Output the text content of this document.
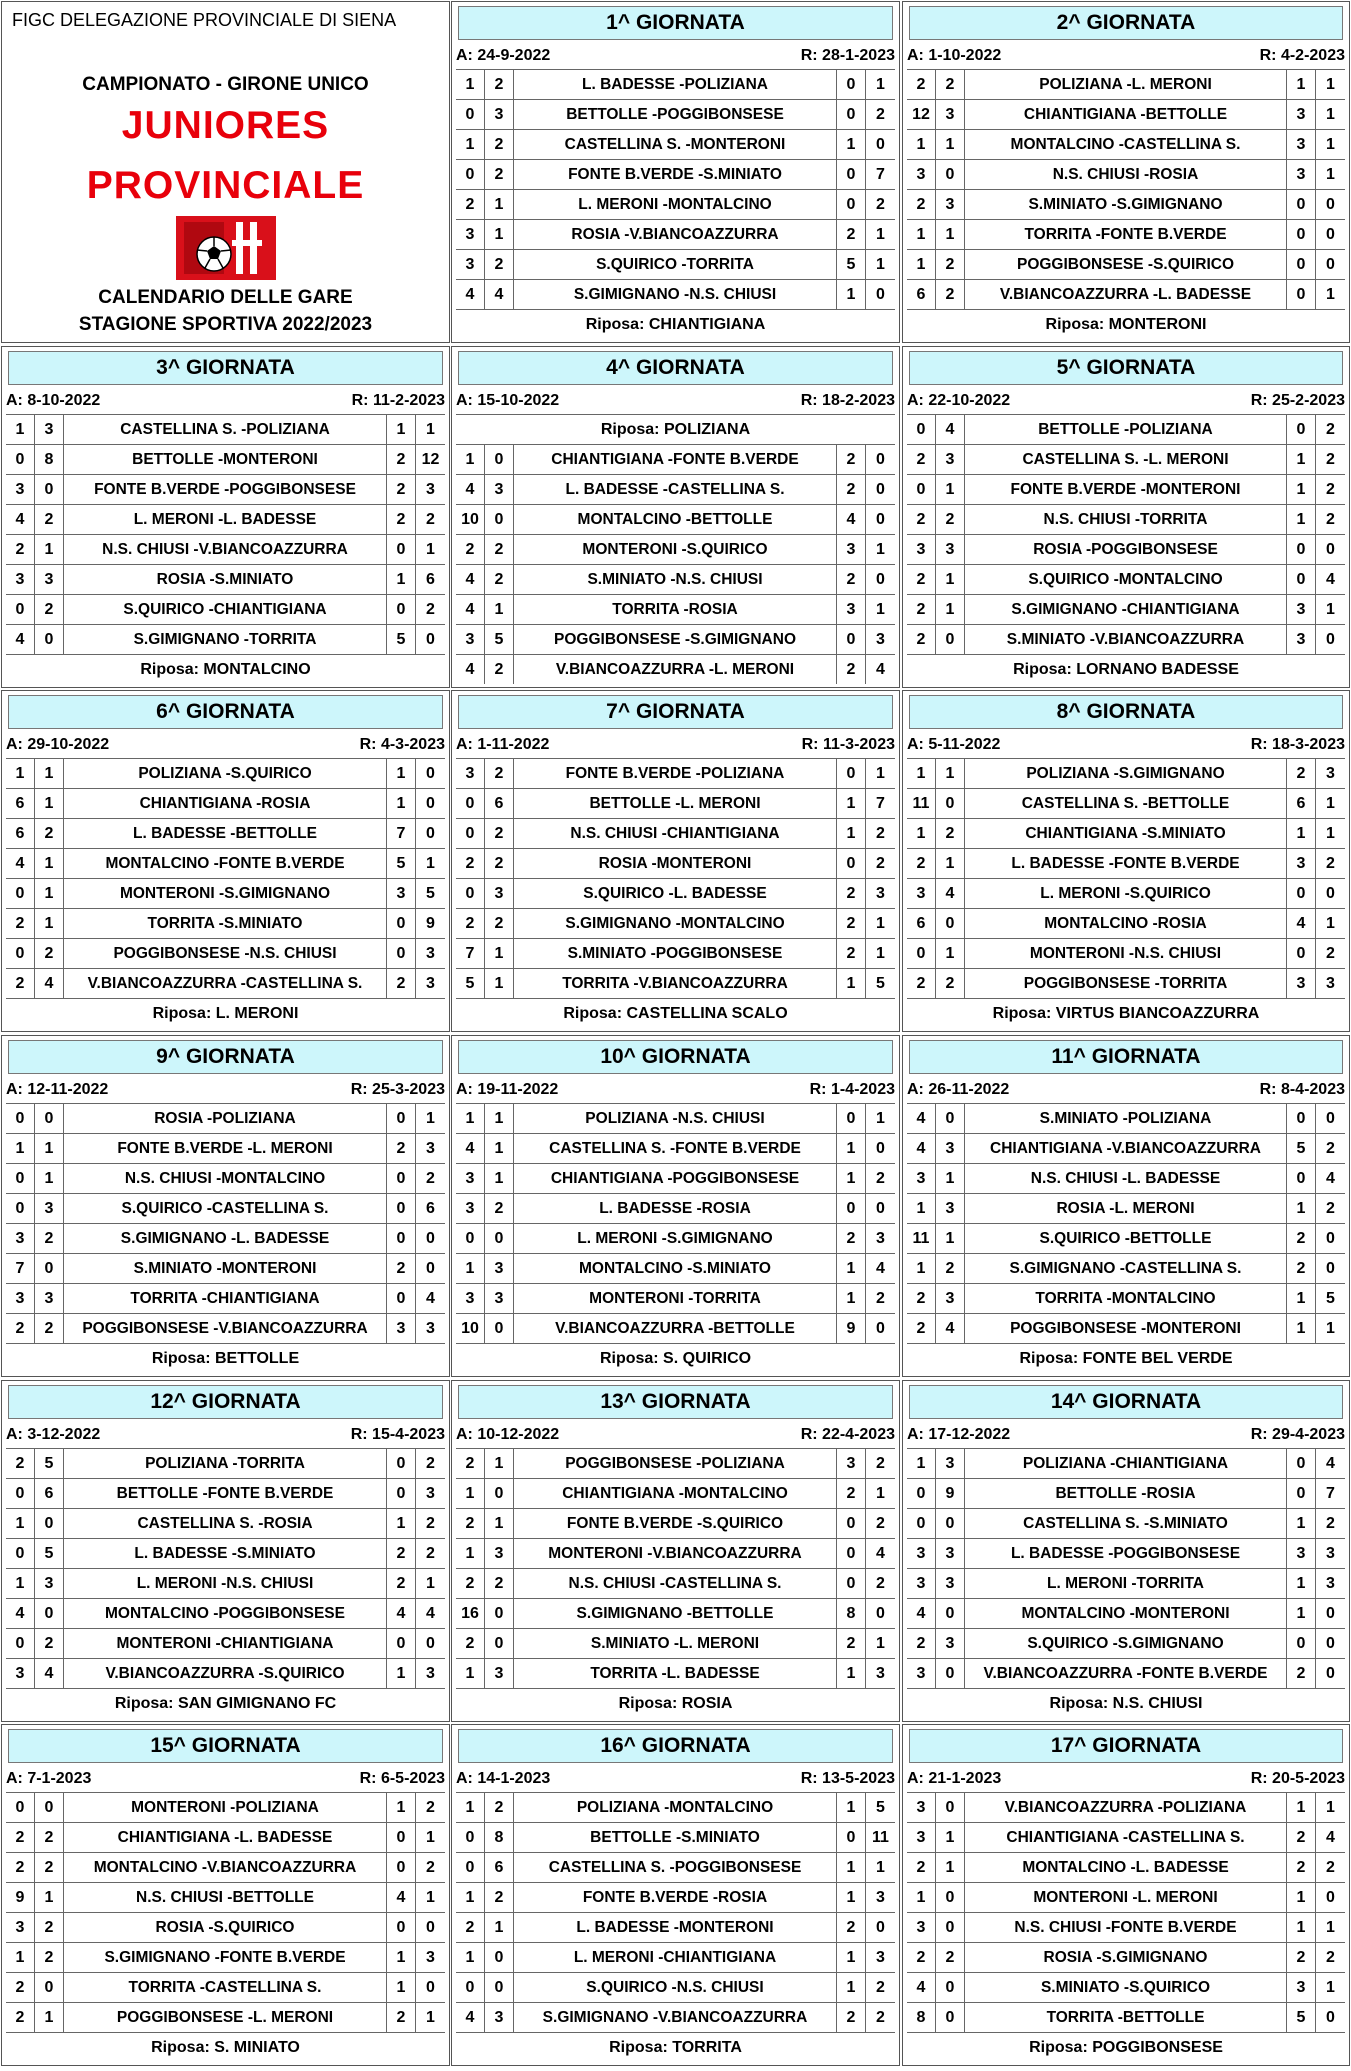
FIGC DELEGAZIONE PROVINCIALE DI SIENA
CAMPIONATO - GIRONE UNICO
JUNIORES
PROVINCIALE
CALENDARIO DELLE GARE
STAGIONE SPORTIVA 2022/2023
1^ GIORNATA
A: 24-9-2022	R: 28-1-2023
1	2	L. BADESSE -POLIZIANA	0	1
0	3	BETTOLLE -POGGIBONSESE	0	2
1	2	CASTELLINA S. -MONTERONI	1	0
0	2	FONTE B.VERDE -S.MINIATO	0	7
2	1	L. MERONI -MONTALCINO	0	2
3	1	ROSIA -V.BIANCOAZZURRA	2	1
3	2	S.QUIRICO -TORRITA	5	1
4	4	S.GIMIGNANO -N.S. CHIUSI	1	0
Riposa: CHIANTIGIANA
2^ GIORNATA
A: 1-10-2022	R: 4-2-2023
2	2	POLIZIANA -L. MERONI	1	1
12 3	CHIANTIGIANA -BETTOLLE	3	1
1	1	MONTALCINO -CASTELLINA S.	3	1
3	0	N.S. CHIUSI -ROSIA	3	1
2	3	S.MINIATO -S.GIMIGNANO	0	0
1	1	TORRITA -FONTE B.VERDE	0	0
1	2	POGGIBONSESE -S.QUIRICO	0	0
6	2	V.BIANCOAZZURRA -L. BADESSE	0	1
Riposa: MONTERONI
3^ GIORNATA
A: 8-10-2022	R: 11-2-2023
1	3	CASTELLINA S. -POLIZIANA	1	1
0	8	BETTOLLE -MONTERONI	2	12
3	0	FONTE B.VERDE -POGGIBONSESE	2	3
4	2	L. MERONI -L. BADESSE	2	2
2	1	N.S. CHIUSI -V.BIANCOAZZURRA	0	1
3	3	ROSIA -S.MINIATO	1	6
0	2	S.QUIRICO -CHIANTIGIANA	0	2
4	0	S.GIMIGNANO -TORRITA	5	0
Riposa: MONTALCINO
4^ GIORNATA
A: 15-10-2022	R: 18-2-2023
Riposa: POLIZIANA
1	0	CHIANTIGIANA -FONTE B.VERDE	2	0
4	3	L. BADESSE -CASTELLINA S.	2	0
10 0	MONTALCINO -BETTOLLE	4	0
2	2	MONTERONI -S.QUIRICO	3	1
4	2	S.MINIATO -N.S. CHIUSI	2	0
4	1	TORRITA -ROSIA	3	1
3	5	POGGIBONSESE -S.GIMIGNANO	0	3
4	2	V.BIANCOAZZURRA -L. MERONI	2	4
5^ GIORNATA
A: 22-10-2022	R: 25-2-2023
0	4	BETTOLLE -POLIZIANA	0	2
2	3	CASTELLINA S. -L. MERONI	1	2
0	1	FONTE B.VERDE -MONTERONI	1	2
2	2	N.S. CHIUSI -TORRITA	1	2
3	3	ROSIA -POGGIBONSESE	0	0
2	1	S.QUIRICO -MONTALCINO	0	4
2	1	S.GIMIGNANO -CHIANTIGIANA	3	1
2	0	S.MINIATO -V.BIANCOAZZURRA	3	0
Riposa: LORNANO BADESSE
6^ GIORNATA
A: 29-10-2022	R: 4-3-2023
1	1	POLIZIANA -S.QUIRICO	1	0
6	1	CHIANTIGIANA -ROSIA	1	0
6	2	L. BADESSE -BETTOLLE	7	0
4	1	MONTALCINO -FONTE B.VERDE	5	1
0	1	MONTERONI -S.GIMIGNANO	3	5
2	1	TORRITA -S.MINIATO	0	9
0	2	POGGIBONSESE -N.S. CHIUSI	0	3
2	4	V.BIANCOAZZURRA -CASTELLINA S.	2	3
Riposa: L. MERONI
7^ GIORNATA
A: 1-11-2022	R: 11-3-2023
3	2	FONTE B.VERDE -POLIZIANA	0	1
0	6	BETTOLLE -L. MERONI	1	7
0	2	N.S. CHIUSI -CHIANTIGIANA	1	2
2	2	ROSIA -MONTERONI	0	2
0	3	S.QUIRICO -L. BADESSE	2	3
2	2	S.GIMIGNANO -MONTALCINO	2	1
7	1	S.MINIATO -POGGIBONSESE	2	1
5	1	TORRITA -V.BIANCOAZZURRA	1	5
Riposa: CASTELLINA SCALO
8^ GIORNATA
A: 5-11-2022	R: 18-3-2023
1	1	POLIZIANA -S.GIMIGNANO	2	3
11	0	CASTELLINA S. -BETTOLLE	6	1
1	2	CHIANTIGIANA -S.MINIATO	1	1
2	1	L. BADESSE -FONTE B.VERDE	3	2
3	4	L. MERONI -S.QUIRICO	0	0
6	0	MONTALCINO -ROSIA	4	1
0	1	MONTERONI -N.S. CHIUSI	0	2
2	2	POGGIBONSESE -TORRITA	3	3
Riposa: VIRTUS BIANCOAZZURRA
9^ GIORNATA
A: 12-11-2022	R: 25-3-2023
0	0	ROSIA -POLIZIANA	0	1
1	1	FONTE B.VERDE -L. MERONI	2	3
0	1	N.S. CHIUSI -MONTALCINO	0	2
0	3	S.QUIRICO -CASTELLINA S.	0	6
3	2	S.GIMIGNANO -L. BADESSE	0	0
7	0	S.MINIATO -MONTERONI	2	0
3	3	TORRITA -CHIANTIGIANA	0	4
2	2	POGGIBONSESE -V.BIANCOAZZURRA	3	3
Riposa: BETTOLLE
10^ GIORNATA
A: 19-11-2022	R: 1-4-2023
1	1	POLIZIANA -N.S. CHIUSI	0	1
4	1	CASTELLINA S. -FONTE B.VERDE	1	0
3	1	CHIANTIGIANA -POGGIBONSESE	1	2
3	2	L. BADESSE -ROSIA	0	0
0	0	L. MERONI -S.GIMIGNANO	2	3
1	3	MONTALCINO -S.MINIATO	1	4
3	3	MONTERONI -TORRITA	1	2
10 0	V.BIANCOAZZURRA -BETTOLLE	9	0
Riposa: S. QUIRICO
11^ GIORNATA
A: 26-11-2022	R: 8-4-2023
4	0	S.MINIATO -POLIZIANA	0	0
4	3	CHIANTIGIANA -V.BIANCOAZZURRA	5	2
3	1	N.S. CHIUSI -L. BADESSE	0	4
1	3	ROSIA -L. MERONI	1	2
11	1	S.QUIRICO -BETTOLLE	2	0
1	2	S.GIMIGNANO -CASTELLINA S.	2	0
2	3	TORRITA -MONTALCINO	1	5
2	4	POGGIBONSESE -MONTERONI	1	1
Riposa: FONTE BEL VERDE
12^ GIORNATA
A: 3-12-2022	R: 15-4-2023
2	5	POLIZIANA -TORRITA	0	2
0	6	BETTOLLE -FONTE B.VERDE	0	3
1	0	CASTELLINA S. -ROSIA	1	2
0	5	L. BADESSE -S.MINIATO	2	2
1	3	L. MERONI -N.S. CHIUSI	2	1
4	0	MONTALCINO -POGGIBONSESE	4	4
0	2	MONTERONI -CHIANTIGIANA	0	0
3	4	V.BIANCOAZZURRA -S.QUIRICO	1	3
Riposa: SAN GIMIGNANO FC
13^ GIORNATA
A: 10-12-2022	R: 22-4-2023
2	1	POGGIBONSESE -POLIZIANA	3	2
1	0	CHIANTIGIANA -MONTALCINO	2	1
2	1	FONTE B.VERDE -S.QUIRICO	0	2
1	3	MONTERONI -V.BIANCOAZZURRA	0	4
2	2	N.S. CHIUSI -CASTELLINA S.	0	2
16 0	S.GIMIGNANO -BETTOLLE	8	0
2	0	S.MINIATO -L. MERONI	2	1
1	3	TORRITA -L. BADESSE	1	3
Riposa: ROSIA
14^ GIORNATA
A: 17-12-2022	R: 29-4-2023
1	3	POLIZIANA -CHIANTIGIANA	0	4
0	9	BETTOLLE -ROSIA	0	7
0	0	CASTELLINA S. -S.MINIATO	1	2
3	3	L. BADESSE -POGGIBONSESE	3	3
3	3	L. MERONI -TORRITA	1	3
4	0	MONTALCINO -MONTERONI	1	0
2	3	S.QUIRICO -S.GIMIGNANO	0	0
3	0	V.BIANCOAZZURRA -FONTE B.VERDE	2	0
Riposa: N.S. CHIUSI
15^ GIORNATA
A: 7-1-2023	R: 6-5-2023
0	0	MONTERONI -POLIZIANA	1	2
2	2	CHIANTIGIANA -L. BADESSE	0	1
2	2	MONTALCINO -V.BIANCOAZZURRA	0	2
9	1	N.S. CHIUSI -BETTOLLE	4	1
3	2	ROSIA -S.QUIRICO	0	0
1	2	S.GIMIGNANO -FONTE B.VERDE	1	3
2	0	TORRITA -CASTELLINA S.	1	0
2	1	POGGIBONSESE -L. MERONI	2	1
Riposa: S. MINIATO
16^ GIORNATA
A: 14-1-2023	R: 13-5-2023
1	2	POLIZIANA -MONTALCINO	1	5
0	8	BETTOLLE -S.MINIATO	0	11
0	6	CASTELLINA S. -POGGIBONSESE	1	1
1	2	FONTE B.VERDE -ROSIA	1	3
2	1	L. BADESSE -MONTERONI	2	0
1	0	L. MERONI -CHIANTIGIANA	1	3
0	0	S.QUIRICO -N.S. CHIUSI	1	2
4	3	S.GIMIGNANO -V.BIANCOAZZURRA	2	2
Riposa: TORRITA
17^ GIORNATA
A: 21-1-2023	R: 20-5-2023
3	0	V.BIANCOAZZURRA -POLIZIANA	1	1
3	1	CHIANTIGIANA -CASTELLINA S.	2	4
2	1	MONTALCINO -L. BADESSE	2	2
1	0	MONTERONI -L. MERONI	1	0
3	0	N.S. CHIUSI -FONTE B.VERDE	1	1
2	2	ROSIA -S.GIMIGNANO	2	2
4	0	S.MINIATO -S.QUIRICO	3	1
8	0	TORRITA -BETTOLLE	5	0
Riposa: POGGIBONSESE
